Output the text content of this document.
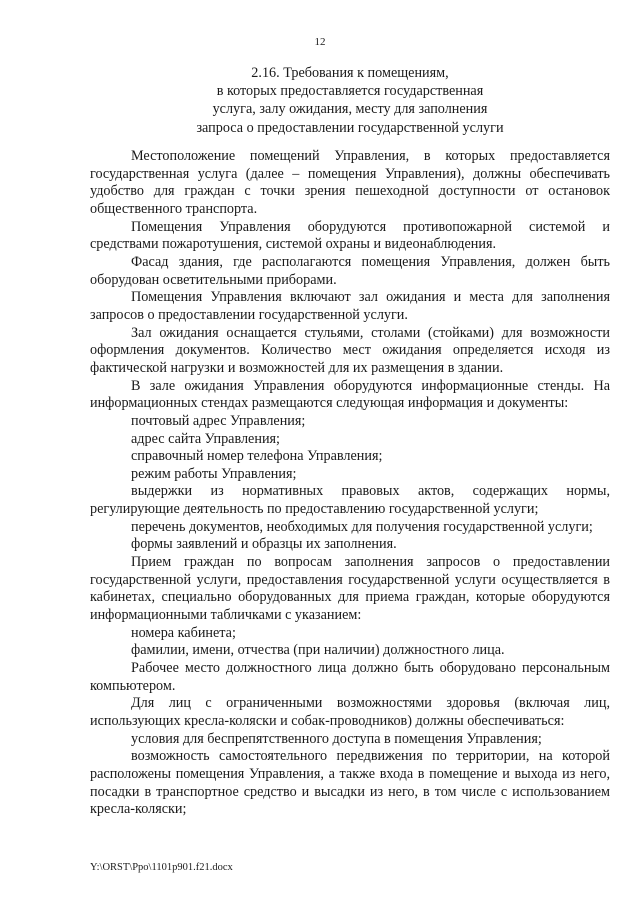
12
2.16. Требования к помещениям,
в которых предоставляется государственная
услуга, залу ожидания, месту для заполнения
запроса о предоставлении государственной услуги

Местоположение помещений Управления, в которых предоставляется государственная услуга (далее – помещения Управления), должны обеспечивать удобство для граждан с точки зрения пешеходной доступности от остановок общественного транспорта.

Помещения Управления оборудуются противопожарной системой и средствами пожаротушения, системой охраны и видеонаблюдения.

Фасад здания, где располагаются помещения Управления, должен быть оборудован осветительными приборами.

Помещения Управления включают зал ожидания и места для заполнения запросов о предоставлении государственной услуги.

Зал ожидания оснащается стульями, столами (стойками) для возможности оформления документов. Количество мест ожидания определяется исходя из фактической нагрузки и возможностей для их размещения в здании.

В зале ожидания Управления оборудуются информационные стенды. На информационных стендах размещаются следующая информация и документы:

почтовый адрес Управления;

адрес сайта Управления;

справочный номер телефона Управления;

режим работы Управления;

выдержки из нормативных правовых актов, содержащих нормы, регулирующие деятельность по предоставлению государственной услуги;

перечень документов, необходимых для получения государственной услуги;

формы заявлений и образцы их заполнения.

Прием граждан по вопросам заполнения запросов о предоставлении государственной услуги, предоставления государственной услуги осуществляется в кабинетах, специально оборудованных для приема граждан, которые оборудуются информационными табличками с указанием:

номера кабинета;

фамилии, имени, отчества (при наличии) должностного лица.

Рабочее место должностного лица должно быть оборудовано персональным компьютером.

Для лиц с ограниченными возможностями здоровья (включая лиц, использующих кресла-коляски и собак-проводников) должны обеспечиваться:

условия для беспрепятственного доступа в помещения Управления;

возможность самостоятельного передвижения по территории, на которой расположены помещения Управления, а также входа в помещение и выхода из него, посадки в транспортное средство и высадки из него, в том числе с использованием кресла-коляски;

Y:\ORST\Ppo\1101p901.f21.docx
